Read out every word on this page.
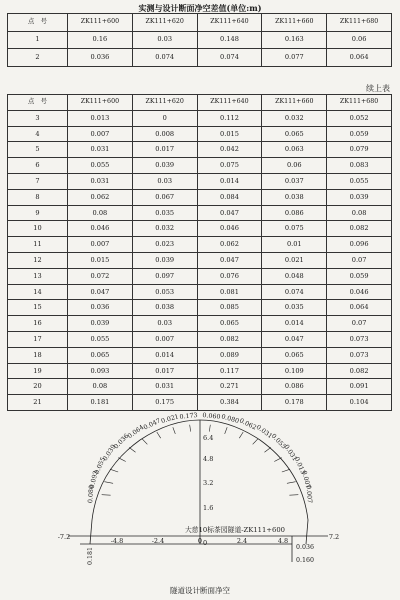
实测与设计断面净空差值(单位:m)
点　号	ZK111+600	ZK111+620	ZK111+640	ZK111+660	ZK111+680
1	0.16	0.03	0.148	0.163	0.06
2	0.036	0.074	0.074	0.077	0.064
续上表
点　号	ZK111+600	ZK111+620	ZK111+640	ZK111+660	ZK111+680
3	0.013	0	0.112	0.032	0.052
4	0.007	0.008	0.015	0.065	0.059
5	0.031	0.017	0.042	0.063	0.079
6	0.055	0.039	0.075	0.06	0.083
7	0.031	0.03	0.014	0.037	0.055
8	0.062	0.067	0.084	0.038	0.039
9	0.08	0.035	0.047	0.086	0.08
10	0.046	0.032	0.046	0.075	0.082
11	0.007	0.023	0.062	0.01	0.096
12	0.015	0.039	0.047	0.021	0.07
13	0.072	0.097	0.076	0.048	0.059
14	0.047	0.053	0.081	0.074	0.046
15	0.036	0.038	0.085	0.035	0.064
16	0.039	0.03	0.065	0.014	0.07
17	0.055	0.007	0.082	0.047	0.073
18	0.065	0.014	0.089	0.065	0.073
19	0.093	0.017	0.117	0.109	0.082
20	0.08	0.031	0.271	0.086	0.091
21	0.181	0.175	0.384	0.178	0.104
0.173
0.021
0.047
0.064
0.036
0.039
0.055
0.093
0.080
0.060 0.080
0.062
0.031
0.055
0.031
0.013
0.007
0.007
6.4
4.8
3.2
1.6
0
-4.8	-2.4	0	2.4	4.8
-7.2	7.2
大慈10标茶园隧道-ZK111+600
0.181	0.036
0.160
隧道设计断面净空
